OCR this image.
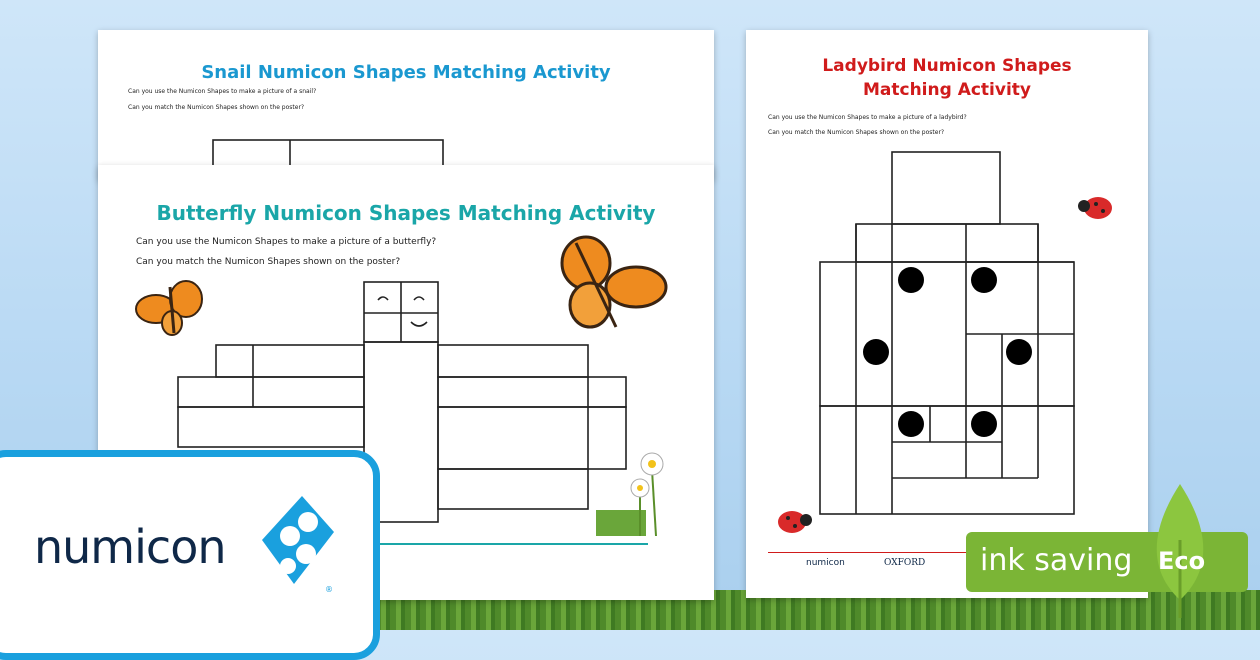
Snail Numicon Shapes Matching Activity
Can you use the Numicon Shapes to make a picture of a snail?
Can you match the Numicon Shapes shown on the poster?
Butterfly Numicon Shapes Matching Activity
Can you use the Numicon Shapes to make a picture of a butterfly?
Can you match the Numicon Shapes shown on the poster?
Ladybird Numicon Shapes
Matching Activity
Can you use the Numicon Shapes to make a picture of a ladybird?
Can you match the Numicon Shapes shown on the poster?
numicon	OXFORD
numicon
®
ink saving Eco
